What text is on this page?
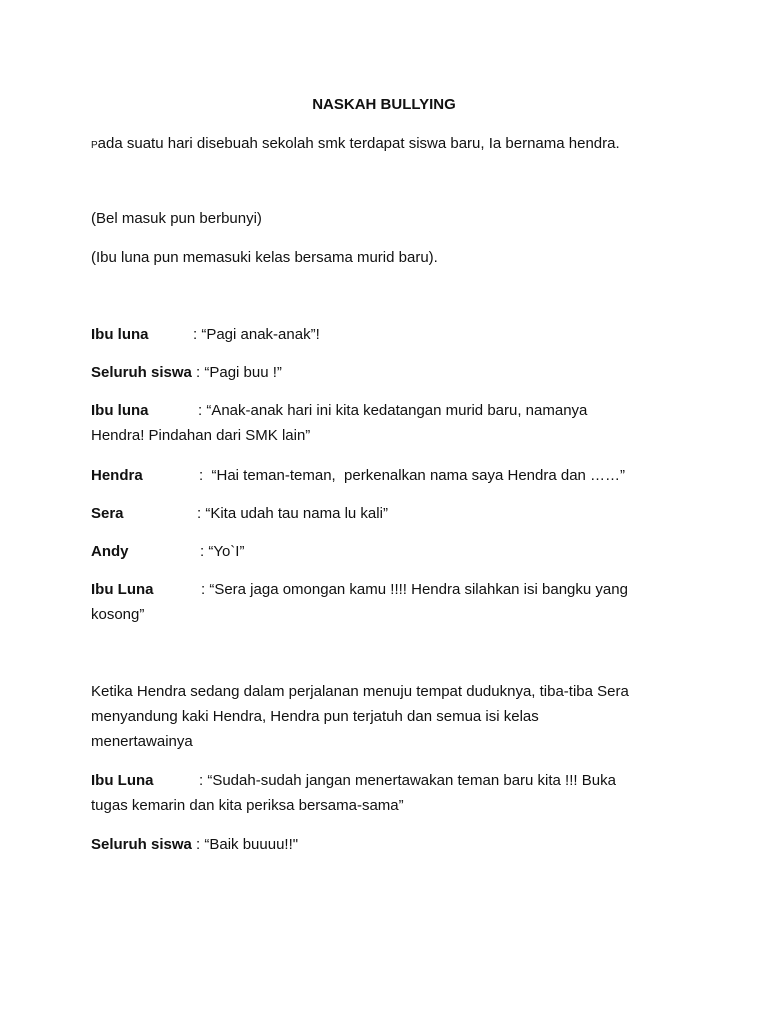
NASKAH BULLYING
Pada suatu hari disebuah sekolah smk terdapat siswa baru, Ia bernama hendra.
(Bel masuk pun berbunyi)
(Ibu luna pun memasuki kelas bersama murid baru).
Ibu luna	: “Pagi anak-anak”!
Seluruh siswa : “Pagi buu !”
Ibu luna	: “Anak-anak hari ini kita kedatangan murid baru, namanya
Hendra! Pindahan dari SMK lain”
Hendra	:  “Hai teman-teman,  perkenalkan nama saya Hendra dan ……”
Sera	: “Kita udah tau nama lu kali”
Andy	: “Yo`I”
Ibu Luna	: “Sera jaga omongan kamu !!!! Hendra silahkan isi bangku yang
kosong”
Ketika Hendra sedang dalam perjalanan menuju tempat duduknya, tiba-tiba Sera
menyandung kaki Hendra, Hendra pun terjatuh dan semua isi kelas
menertawainya
Ibu Luna	: “Sudah-sudah jangan menertawakan teman baru kita !!! Buka
tugas kemarin dan kita periksa bersama-sama”
Seluruh siswa : “Baik buuuu!!"
